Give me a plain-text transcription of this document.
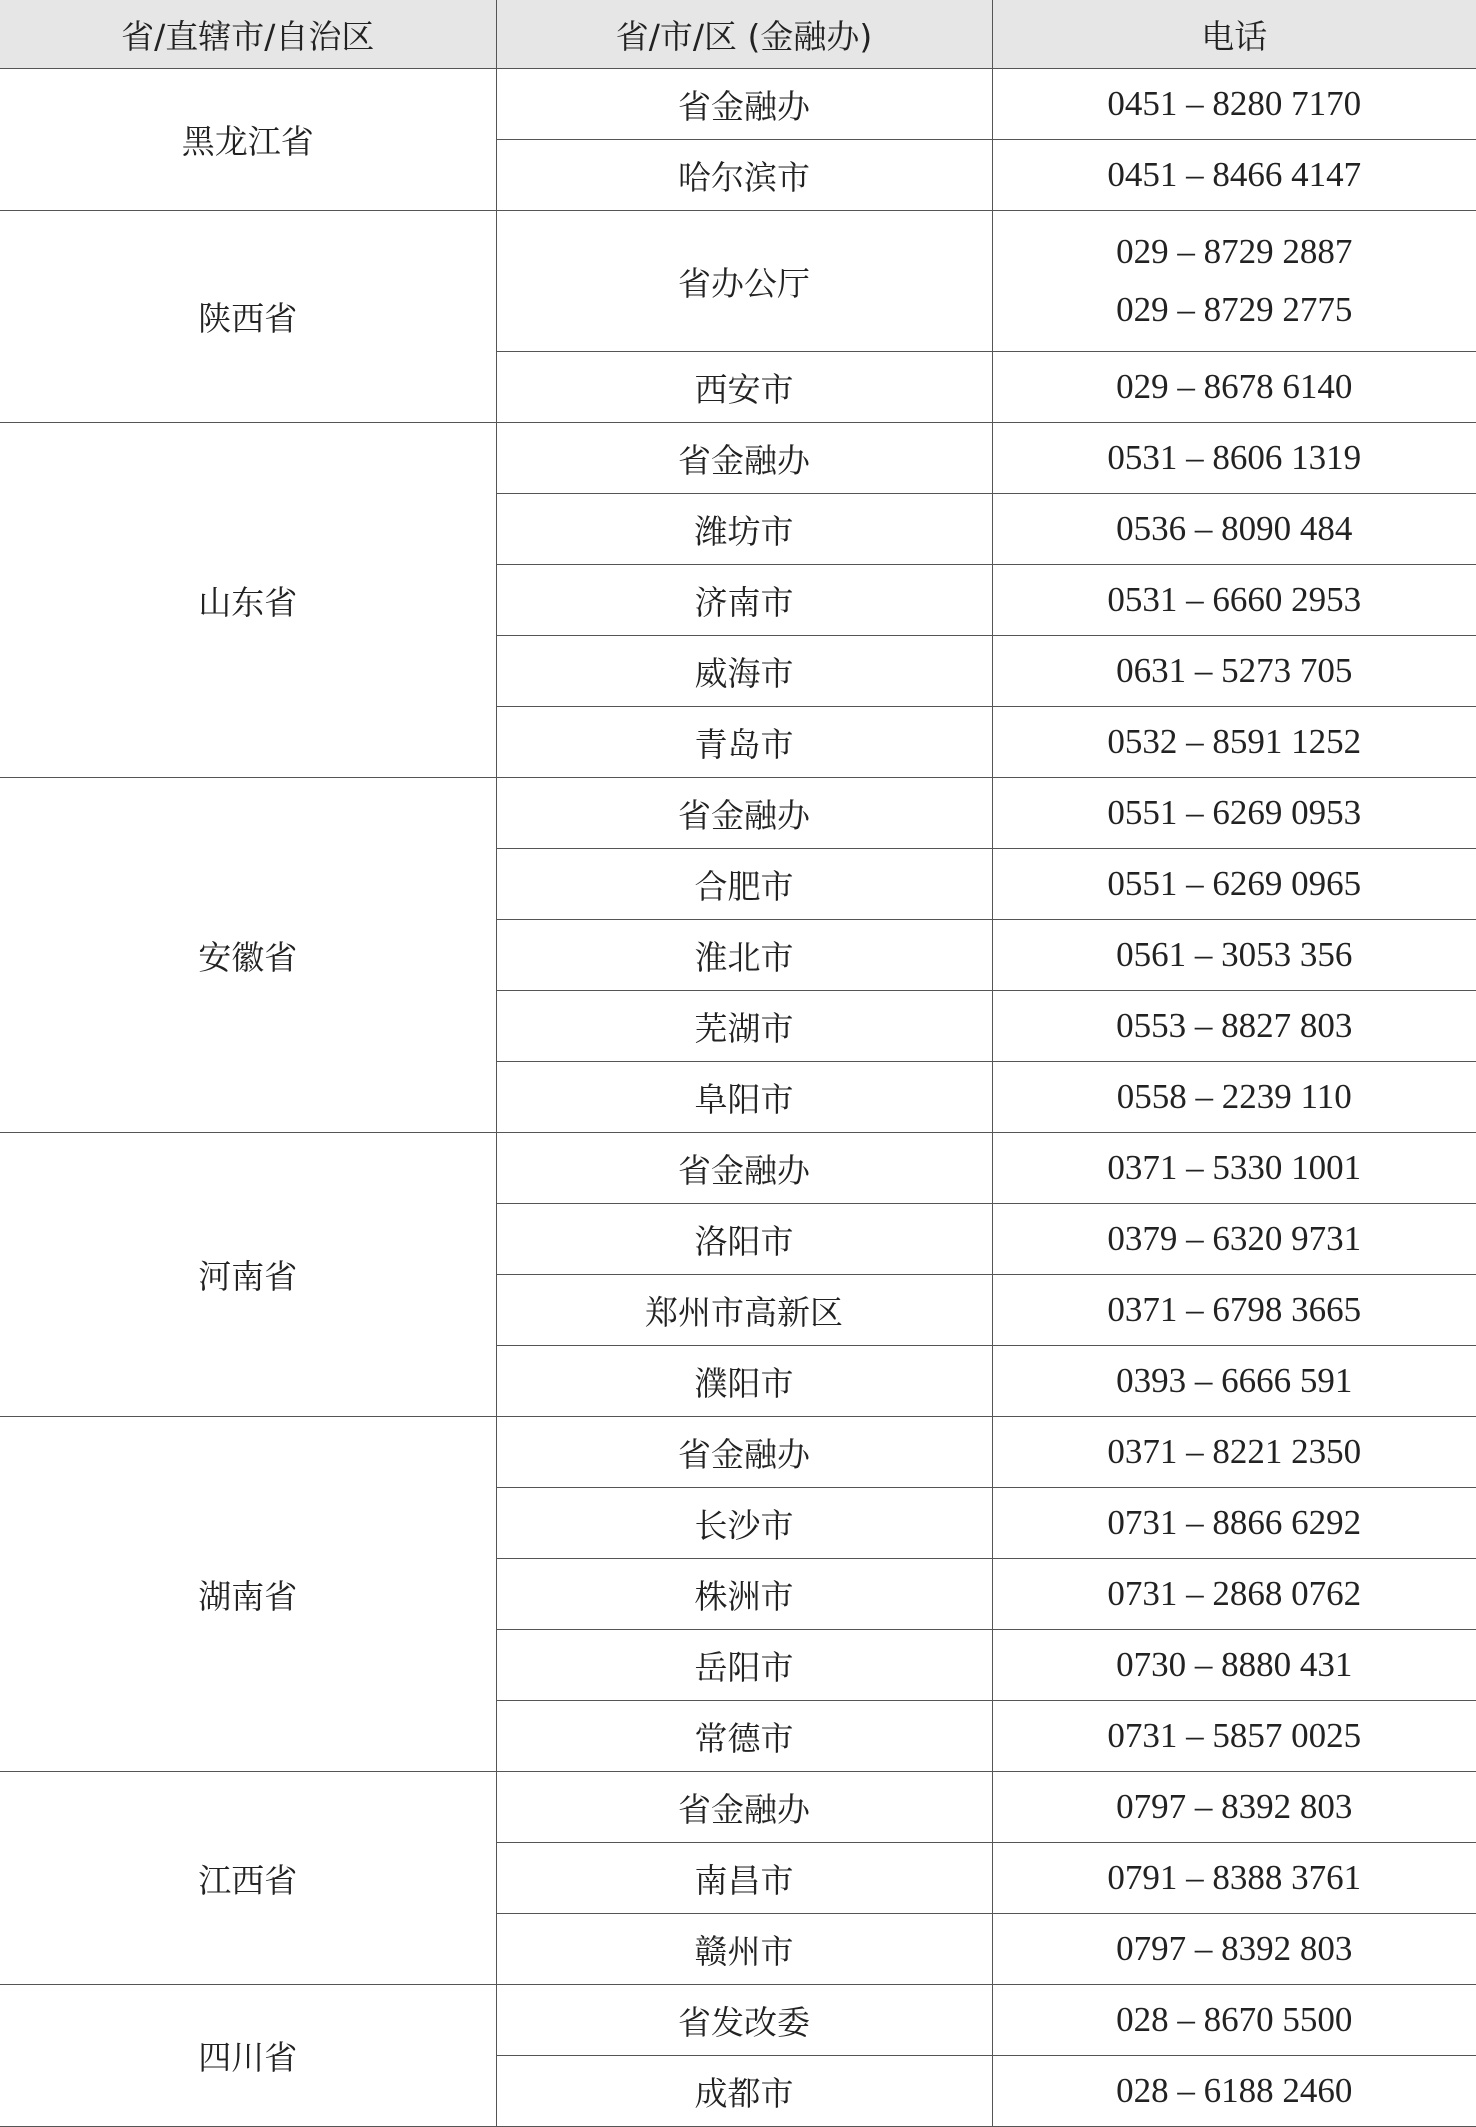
省/直辖市/自治区	省/市/区 (金融办)	电话
黑龙江省	省金融办	0451 – 8280 7170

	哈尔滨市	0451 – 8466 4147

陕西省	省办公厅	029 – 8729 2887
029 – 8729 2775

	西安市	029 – 8678 6140

山东省	省金融办	0531 – 8606 1319

	潍坊市	0536 – 8090 484

	济南市	0531 – 6660 2953

	威海市	0631 – 5273 705

	青岛市	0532 – 8591 1252

安徽省	省金融办	0551 – 6269 0953

	合肥市	0551 – 6269 0965

	淮北市	0561 – 3053 356

	芜湖市	0553 – 8827 803

	阜阳市	0558 – 2239 110

河南省	省金融办	0371 – 5330 1001

	洛阳市	0379 – 6320 9731

	郑州市高新区	0371 – 6798 3665

	濮阳市	0393 – 6666 591

湖南省	省金融办	0371 – 8221 2350

	长沙市	0731 – 8866 6292

	株洲市	0731 – 2868 0762

	岳阳市	0730 – 8880 431

	常德市	0731 – 5857 0025

江西省	省金融办	0797 – 8392 803

	南昌市	0791 – 8388 3761

	赣州市	0797 – 8392 803

四川省	省发改委	028 – 8670 5500

	成都市	028 – 6188 2460
